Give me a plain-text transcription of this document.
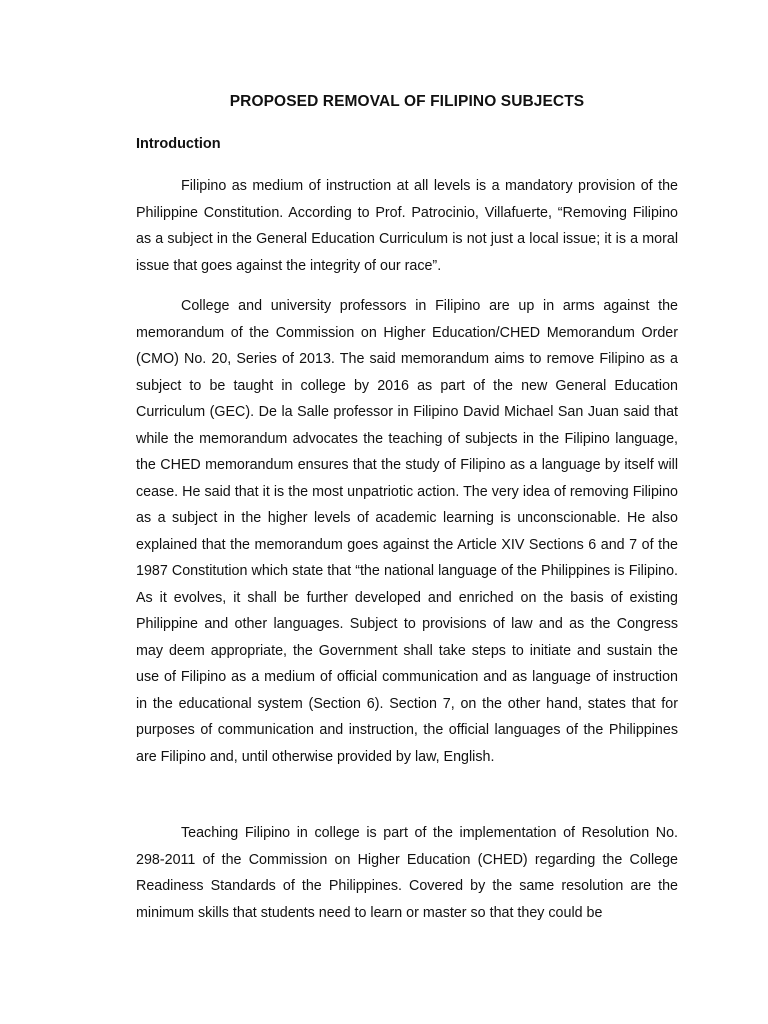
PROPOSED REMOVAL OF FILIPINO SUBJECTS
Introduction

Filipino as medium of instruction at all levels is a mandatory provision of the Philippine Constitution. According to Prof. Patrocinio, Villafuerte, “Removing Filipino as a subject in the General Education Curriculum is not just a local issue; it is a moral issue that goes against the integrity of our race”.

College and university professors in Filipino are up in arms against the memorandum of the Commission on Higher Education/CHED Memorandum Order (CMO) No. 20, Series of 2013. The said memorandum aims to remove Filipino as a subject to be taught in college by 2016 as part of the new General Education Curriculum (GEC). De la Salle professor in Filipino David Michael San Juan said that while the memorandum advocates the teaching of subjects in the Filipino language, the CHED memorandum ensures that the study of Filipino as a language by itself will cease. He said that it is the most unpatriotic action. The very idea of removing Filipino as a subject in the higher levels of academic learning is unconscionable. He also explained that the memorandum goes against the Article XIV Sections 6 and 7 of the 1987 Constitution which state that “the national language of the Philippines is Filipino. As it evolves, it shall be further developed and enriched on the basis of existing Philippine and other languages. Subject to provisions of law and as the Congress may deem appropriate, the Government shall take steps to initiate and sustain the use of Filipino as a medium of official communication and as language of instruction in the educational system (Section 6). Section 7, on the other hand, states that for purposes of communication and instruction, the official languages of the Philippines are Filipino and, until otherwise provided by law, English.

Teaching Filipino in college is part of the implementation of Resolution No. 298-2011 of the Commission on Higher Education (CHED) regarding the College Readiness Standards of the Philippines. Covered by the same resolution are the minimum skills that students need to learn or master so that they could be
